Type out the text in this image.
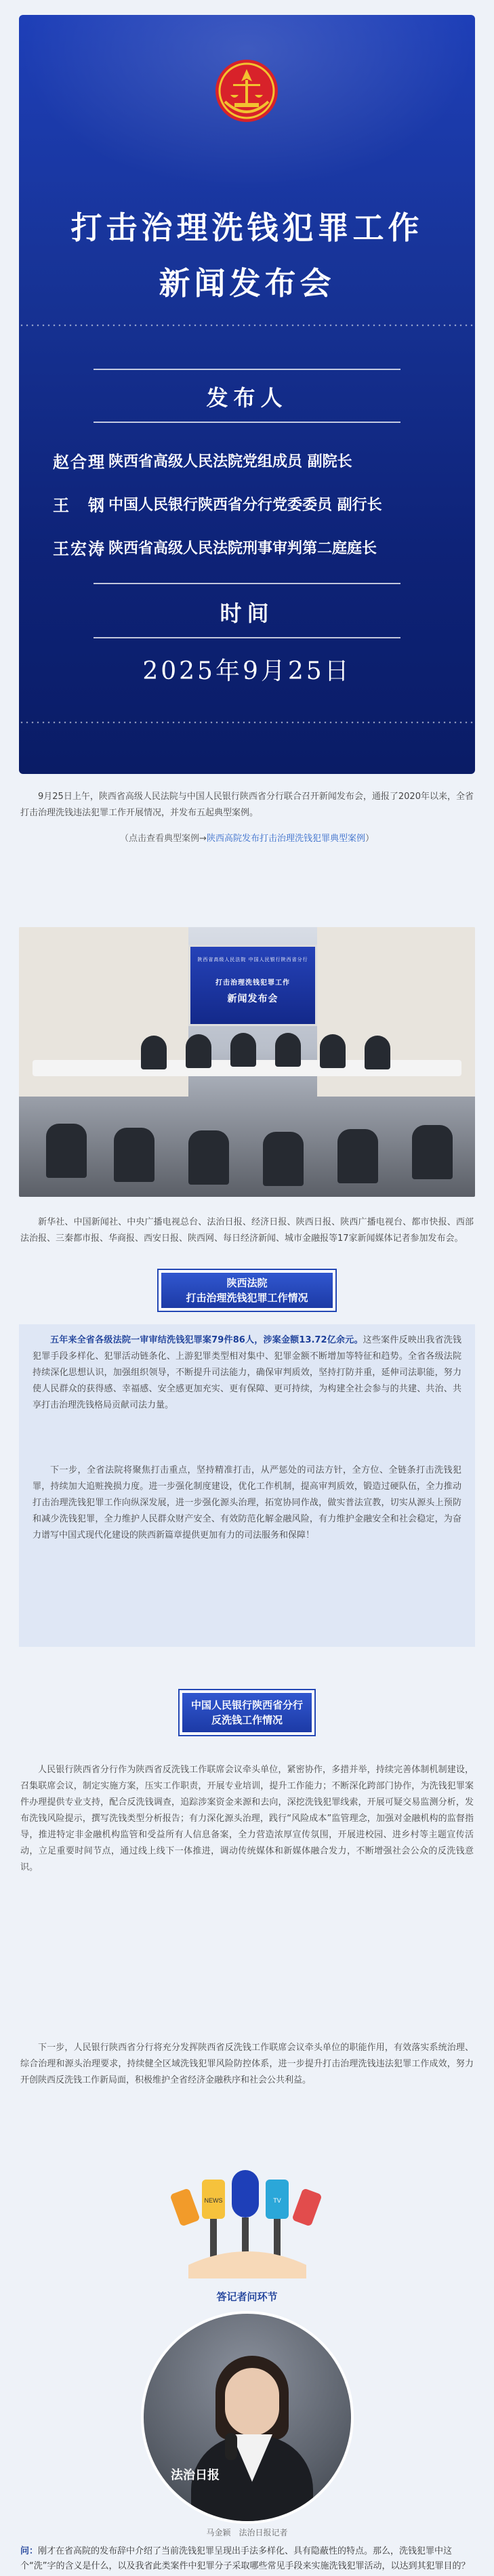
打击治理洗钱犯罪工作
新闻发布会
发布人
赵合理 陕西省高级人民法院党组成员 副院长
王　钢 中国人民银行陕西省分行党委委员 副行长
王宏涛 陕西省高级人民法院刑事审判第二庭庭长
时间
2025年9月25日

9月25日上午，陕西省高级人民法院与中国人民银行陕西省分行联合召开新闻发布会，通报了2020年以来，全省打击治理洗钱违法犯罪工作开展情况，并发布五起典型案例。

（点击查看典型案例→陕西高院发布打击治理洗钱犯罪典型案例）
陕西省高级人民法院 中国人民银行陕西省分行
打击治理洗钱犯罪工作
新闻发布会

新华社、中国新闻社、中央广播电视总台、法治日报、经济日报、陕西日报、陕西广播电视台、都市快报、西部法治报、三秦都市报、华商报、西安日报、陕西网、每日经济新闻、城市金融报等17家新闻媒体记者参加发布会。

陕西法院
打击治理洗钱犯罪工作情况

五年来全省各级法院一审审结洗钱犯罪案79件86人，涉案金额13.72亿余元。这些案件反映出我省洗钱犯罪手段多样化、犯罪活动链条化、上游犯罪类型相对集中、犯罪金额不断增加等特征和趋势。全省各级法院持续深化思想认识，加强组织领导，不断提升司法能力，确保审判质效，坚持打防并重，延伸司法职能，努力使人民群众的获得感、幸福感、安全感更加充实、更有保障、更可持续，为构建全社会参与的共建、共治、共享打击治理洗钱格局贡献司法力量。

下一步，全省法院将聚焦打击重点，坚持精准打击，从严惩处的司法方针，全方位、全链条打击洗钱犯罪，持续加大追赃挽损力度。进一步强化制度建设，优化工作机制，提高审判质效，锻造过硬队伍，全力推动打击治理洗钱犯罪工作向纵深发展，进一步强化源头治理，拓宽协同作战，做实普法宣教，切实从源头上预防和减少洗钱犯罪，全力维护人民群众财产安全、有效防范化解金融风险，有力维护金融安全和社会稳定，为奋力谱写中国式现代化建设的陕西新篇章提供更加有力的司法服务和保障！

中国人民银行陕西省分行
反洗钱工作情况

人民银行陕西省分行作为陕西省反洗钱工作联席会议牵头单位，紧密协作，多措并举，持续完善体制机制建设，召集联席会议，制定实施方案，压实工作职责，开展专业培训，提升工作能力；不断深化跨部门协作，为洗钱犯罪案件办理提供专业支持，配合反洗钱调查，追踪涉案资金来源和去向，深挖洗钱犯罪线索，开展可疑交易监测分析，发布洗钱风险提示，撰写洗钱类型分析报告；有力深化源头治理，践行“风险成本”监管理念，加强对金融机构的监督指导，推进特定非金融机构监管和受益所有人信息备案，全力营造浓厚宣传氛围，开展进校园、进乡村等主题宣传活动，立足重要时间节点，通过线上线下一体推进，调动传统媒体和新媒体融合发力，不断增强社会公众的反洗钱意识。

下一步，人民银行陕西省分行将充分发挥陕西省反洗钱工作联席会议牵头单位的职能作用，有效落实系统治理、综合治理和源头治理要求，持续健全区域洗钱犯罪风险防控体系，进一步提升打击治理洗钱违法犯罪工作成效，努力开创陕西反洗钱工作新局面，积极维护全省经济金融秩序和社会公共利益。

NEWS	TV
答记者问环节
法治日报
马金颖　法治日报记者

问：刚才在省高院的发布辞中介绍了当前洗钱犯罪呈现出手法多样化、具有隐蔽性的特点。那么，洗钱犯罪中这个“洗”字的含义是什么，以及我省此类案件中犯罪分子采取哪些常见手段来实施洗钱犯罪活动，以达到其犯罪目的？
